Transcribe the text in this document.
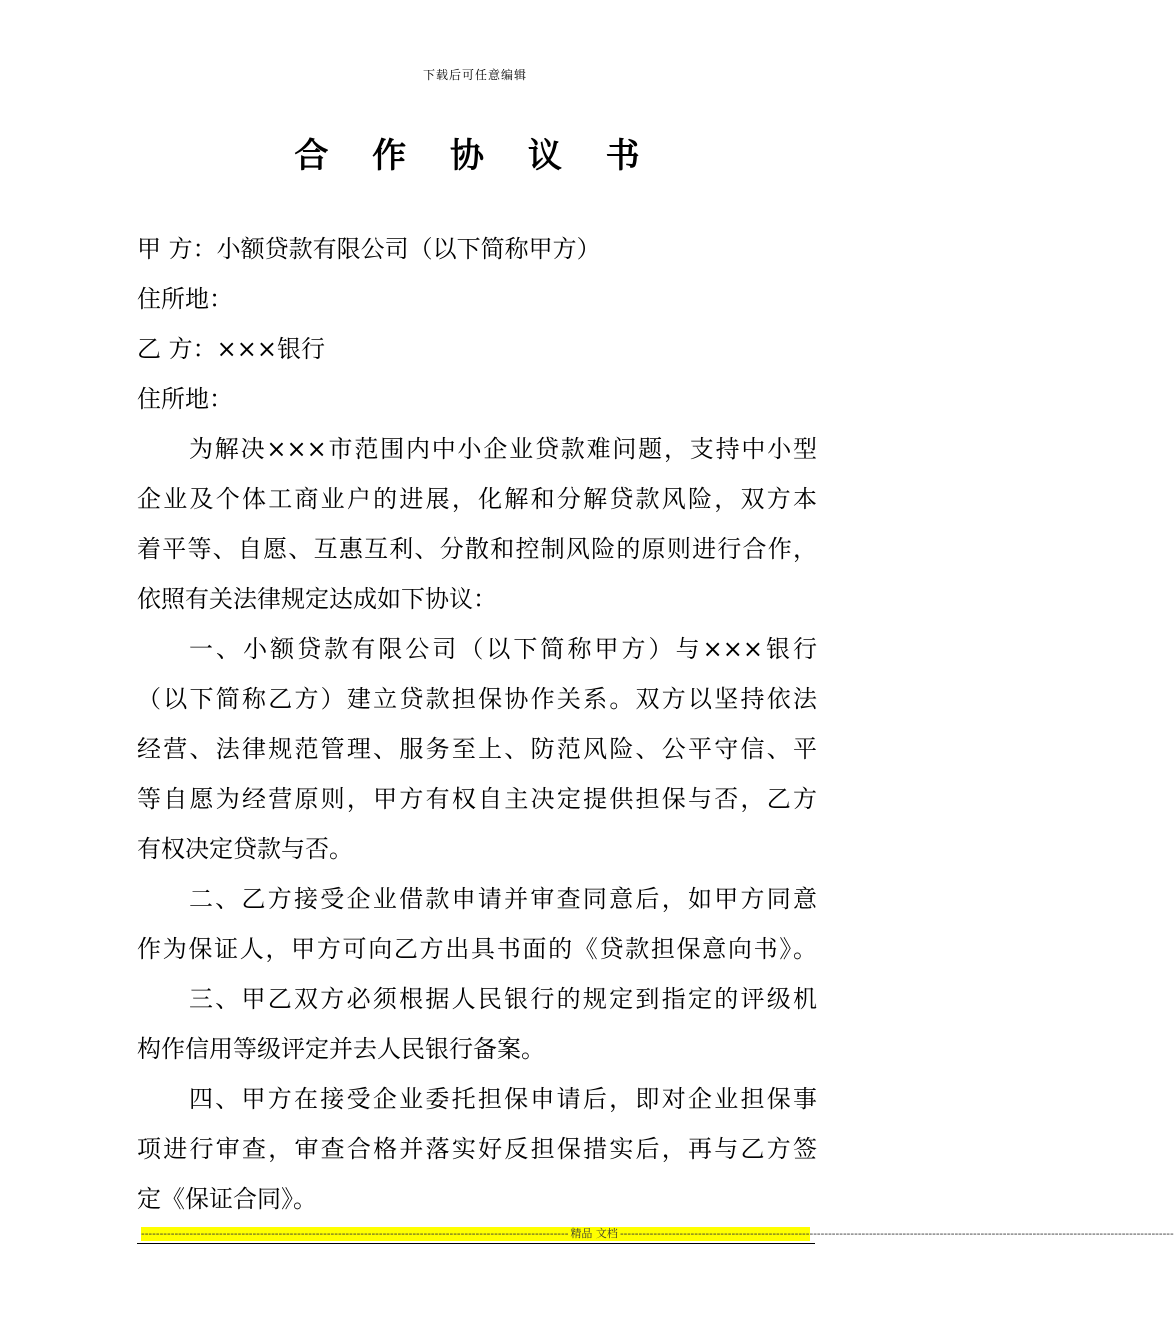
下载后可任意编辑
合 作 协 议 书
甲 方：小额贷款有限公司（以下简称甲方）
住所地：
乙 方：×××银行
住所地：
为解决×××市范围内中小企业贷款难问题，支持中小型
企业及个体工商业户的进展，化解和分解贷款风险，双方本
着平等、自愿、互惠互利、分散和控制风险的原则进行合作，
依照有关法律规定达成如下协议：
一、小额贷款有限公司（以下简称甲方）与×××银行
（以下简称乙方）建立贷款担保协作关系。双方以坚持依法
经营、法律规范管理、服务至上、防范风险、公平守信、平
等自愿为经营原则，甲方有权自主决定提供担保与否，乙方
有权决定贷款与否。
二、乙方接受企业借款申请并审查同意后，如甲方同意
作为保证人，甲方可向乙方出具书面的《贷款担保意向书》。
三、甲乙双方必须根据人民银行的规定到指定的评级机
构作信用等级评定并去人民银行备案。
四、甲方在接受企业委托担保申请后，即对企业担保事
项进行审查，审查合格并落实好反担保措实后，再与乙方签
定《保证合同》。
------------------------------------------------------------------------------------------------------------------- 精品 文档 -----------------------------------------------------------------------------------------------------------------------------------------------------
